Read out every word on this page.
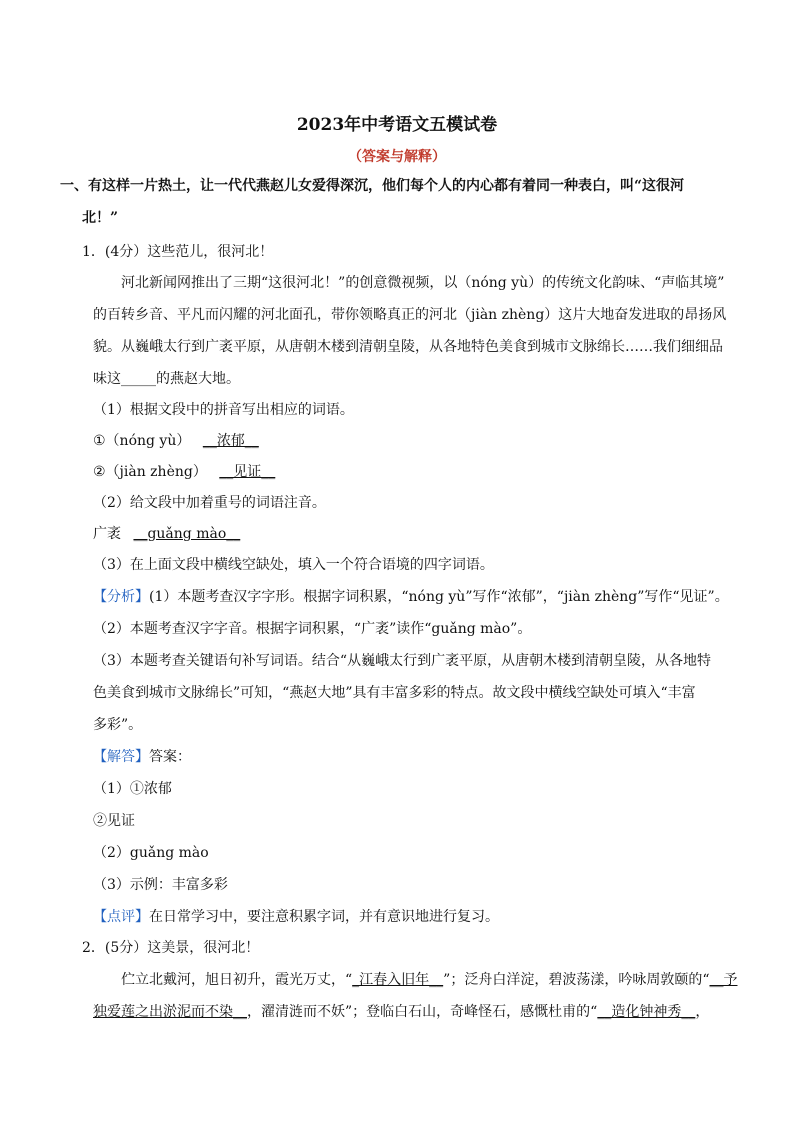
2023年中考语文五模试卷
（答案与解释）
一、有这样一片热土，让一代代燕赵儿女爱得深沉，他们每个人的内心都有着同一种表白，叫“这很河
北！”
1．(4分）这些范儿，很河北！
河北新闻网推出了三期“这很河北！”的创意微视频，以（nóng yù）的传统文化韵味、“声临其境”
的百转乡音、平凡而闪耀的河北面孔，带你领略真正的河北（jiàn zhèng）这片大地奋发进取的昂扬风
貌。从巍峨太行到广袤平原，从唐朝木楼到清朝皇陵，从各地特色美食到城市文脉绵长……我们细细品
味这_____的燕赵大地。
（1）根据文段中的拼音写出相应的词语。
①（nóng yù） __浓郁__
②（jiàn zhèng） __见证__
（2）给文段中加着重号的词语注音。
广袤 __guǎng mào__
（3）在上面文段中横线空缺处，填入一个符合语境的四字词语。
【分析】(1）本题考查汉字字形。根据字词积累，“nóng yù”写作“浓郁”，“jiàn zhèng”写作“见证”。
（2）本题考查汉字字音。根据字词积累，“广袤”读作“guǎng mào”。
（3）本题考查关键语句补写词语。结合“从巍峨太行到广袤平原，从唐朝木楼到清朝皇陵，从各地特
色美食到城市文脉绵长”可知，“燕赵大地”具有丰富多彩的特点。故文段中横线空缺处可填入“丰富
多彩”。
【解答】答案：
（1）①浓郁
②见证
（2）guǎng mào
（3）示例：丰富多彩
【点评】在日常学习中，要注意积累字词，并有意识地进行复习。
2．(5分）这美景，很河北！
伫立北戴河，旭日初升，霞光万丈，“_江春入旧年__”；泛舟白洋淀，碧波荡漾，吟咏周敦颐的“__予
独爱莲之出淤泥而不染__，濯清涟而不妖”；登临白石山，奇峰怪石，感慨杜甫的“__造化钟神秀__，
